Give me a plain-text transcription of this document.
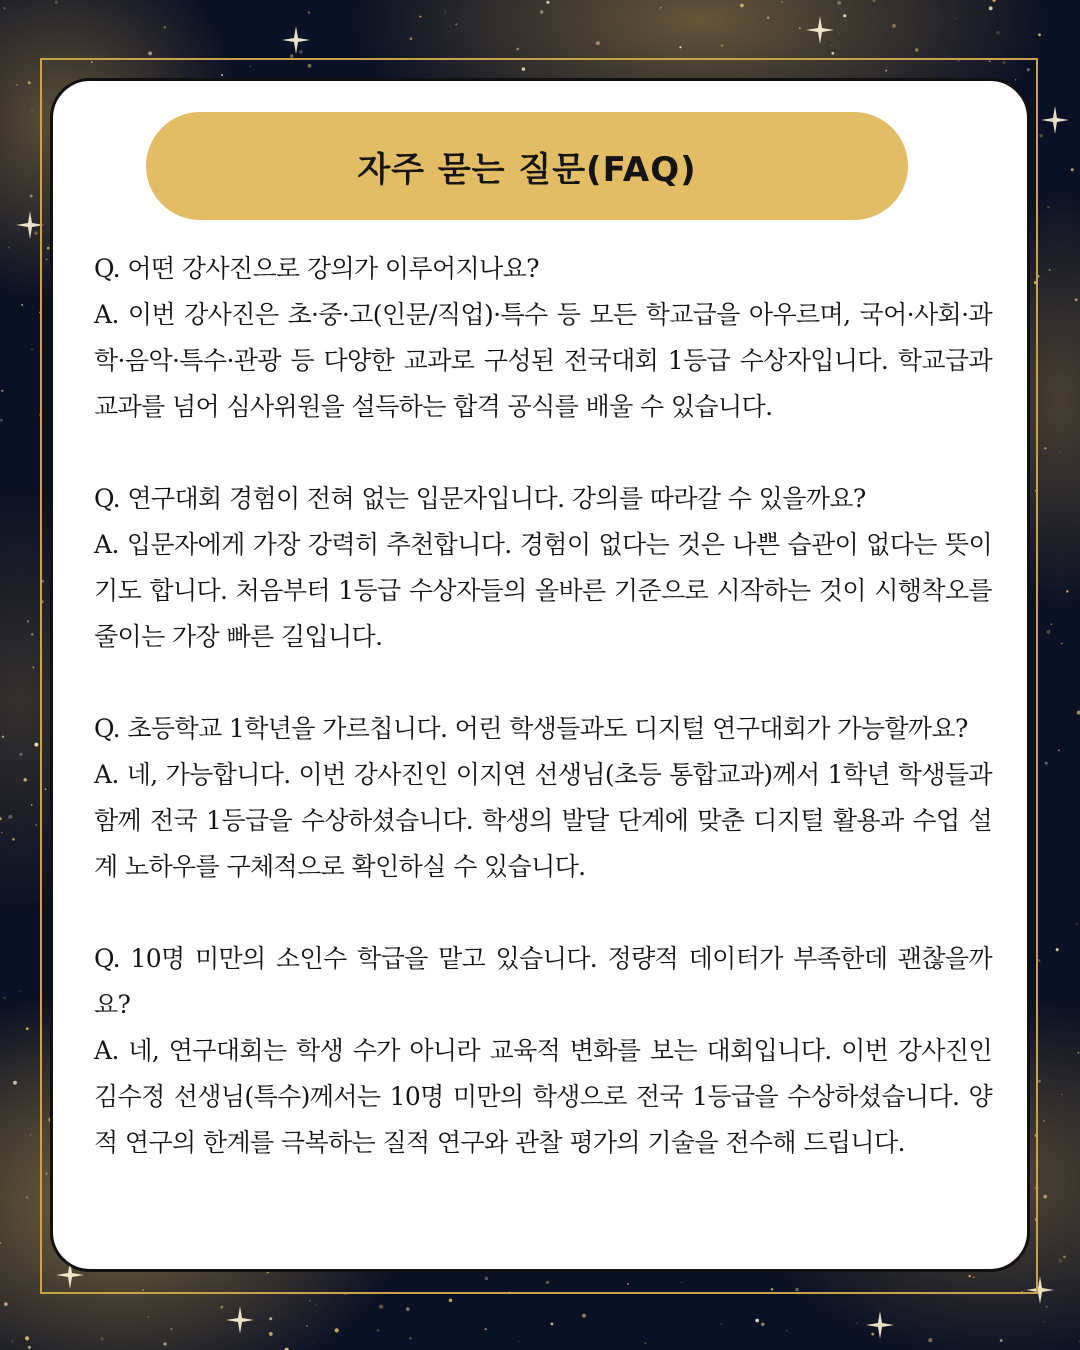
자주 묻는 질문(FAQ)

Q. 어떤 강사진으로 강의가 이루어지나요?

A. 이번 강사진은 초·중·고(인문/직업)·특수 등 모든 학교급을 아우르며, 국어·사회·과학·음악·특수·관광 등 다양한 교과로 구성된 전국대회 1등급 수상자입니다. 학교급과 교과를 넘어 심사위원을 설득하는 합격 공식를 배울 수 있습니다.

Q. 연구대회 경험이 전혀 없는 입문자입니다. 강의를 따라갈 수 있을까요?

A. 입문자에게 가장 강력히 추천합니다. 경험이 없다는 것은 나쁜 습관이 없다는 뜻이기도 합니다. 처음부터 1등급 수상자들의 올바른 기준으로 시작하는 것이 시행착오를 줄이는 가장 빠른 길입니다.

Q. 초등학교 1학년을 가르칩니다. 어린 학생들과도 디지털 연구대회가 가능할까요?

A. 네, 가능합니다. 이번 강사진인 이지연 선생님(초등 통합교과)께서 1학년 학생들과 함께 전국 1등급을 수상하셨습니다. 학생의 발달 단계에 맞춘 디지털 활용과 수업 설계 노하우를 구체적으로 확인하실 수 있습니다.

Q. 10명 미만의 소인수 학급을 맡고 있습니다. 정량적 데이터가 부족한데 괜찮을까요?

A. 네, 연구대회는 학생 수가 아니라 교육적 변화를 보는 대회입니다. 이번 강사진인 김수정 선생님(특수)께서는 10명 미만의 학생으로 전국 1등급을 수상하셨습니다. 양적 연구의 한계를 극복하는 질적 연구와 관찰 평가의 기술을 전수해 드립니다.
